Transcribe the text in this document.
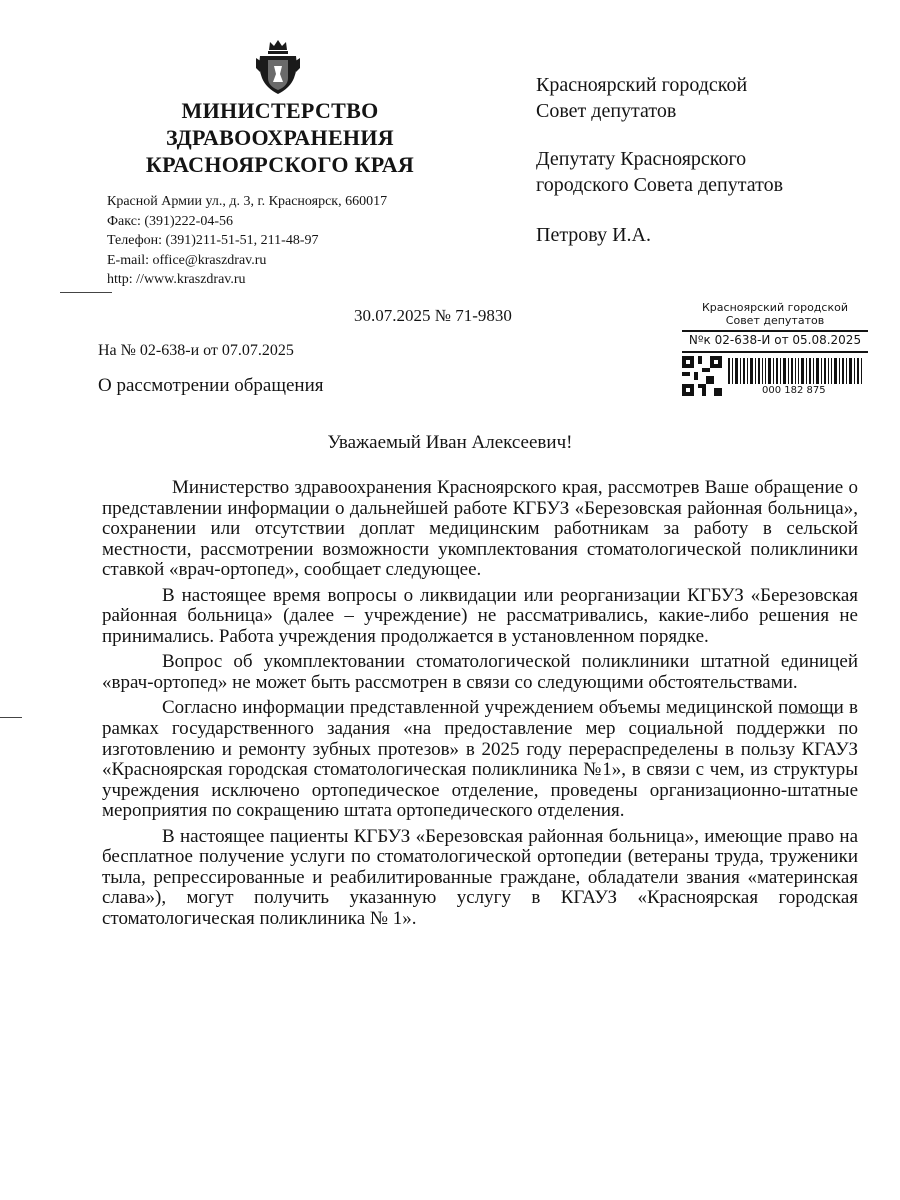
МИНИСТЕРСТВО
ЗДРАВООХРАНЕНИЯ
КРАСНОЯРСКОГО КРАЯ
Красной Армии ул., д. 3, г. Красноярск, 660017
Факс: (391)222-04-56
Телефон: (391)211-51-51, 211-48-97
E-mail: office@kraszdrav.ru
http: //www.kraszdrav.ru
Красноярский городской
Совет депутатов
Депутату Красноярского
городского Совета депутатов
Петрову И.А.
30.07.2025 № 71-9830
На № 02-638-и от 07.07.2025
О рассмотрении обращения
Красноярский городской
Совет депутатов
Nºк 02-638-И от 05.08.2025
000 182 875
Уважаемый Иван Алексеевич!

Министерство здравоохранения Красноярского края, рассмотрев Ваше обращение о представлении информации о дальнейшей работе КГБУЗ «Березовская районная больница», сохранении или отсутствии доплат медицинским работникам за работу в сельской местности, рассмотрении возможности укомплектования стоматологической поликлиники ставкой «врач-ортопед», сообщает следующее.

В настоящее время вопросы о ликвидации или реорганизации КГБУЗ «Березовская районная больница» (далее – учреждение) не рассматривались, какие-либо решения не принимались. Работа учреждения продолжается в установленном порядке.

Вопрос об укомплектовании стоматологической поликлиники штатной единицей «врач-ортопед» не может быть рассмотрен в связи со следующими обстоятельствами.

Согласно информации представленной учреждением объемы медицинской помощи в рамках государственного задания «на предоставление мер социальной поддержки по изготовлению и ремонту зубных протезов» в 2025 году перераспределены в пользу КГАУЗ «Красноярская городская стоматологическая поликлиника №1», в связи с чем, из структуры учреждения исключено ортопедическое отделение, проведены организационно-штатные мероприятия по сокращению штата ортопедического отделения.

В настоящее пациенты КГБУЗ «Березовская районная больница», имеющие право на бесплатное получение услуги по стоматологической ортопедии (ветераны труда, труженики тыла, репрессированные и реабилитированные граждане, обладатели звания «материнская слава»), могут получить указанную услугу в КГАУЗ «Красноярская городская стоматологическая поликлиника № 1».
